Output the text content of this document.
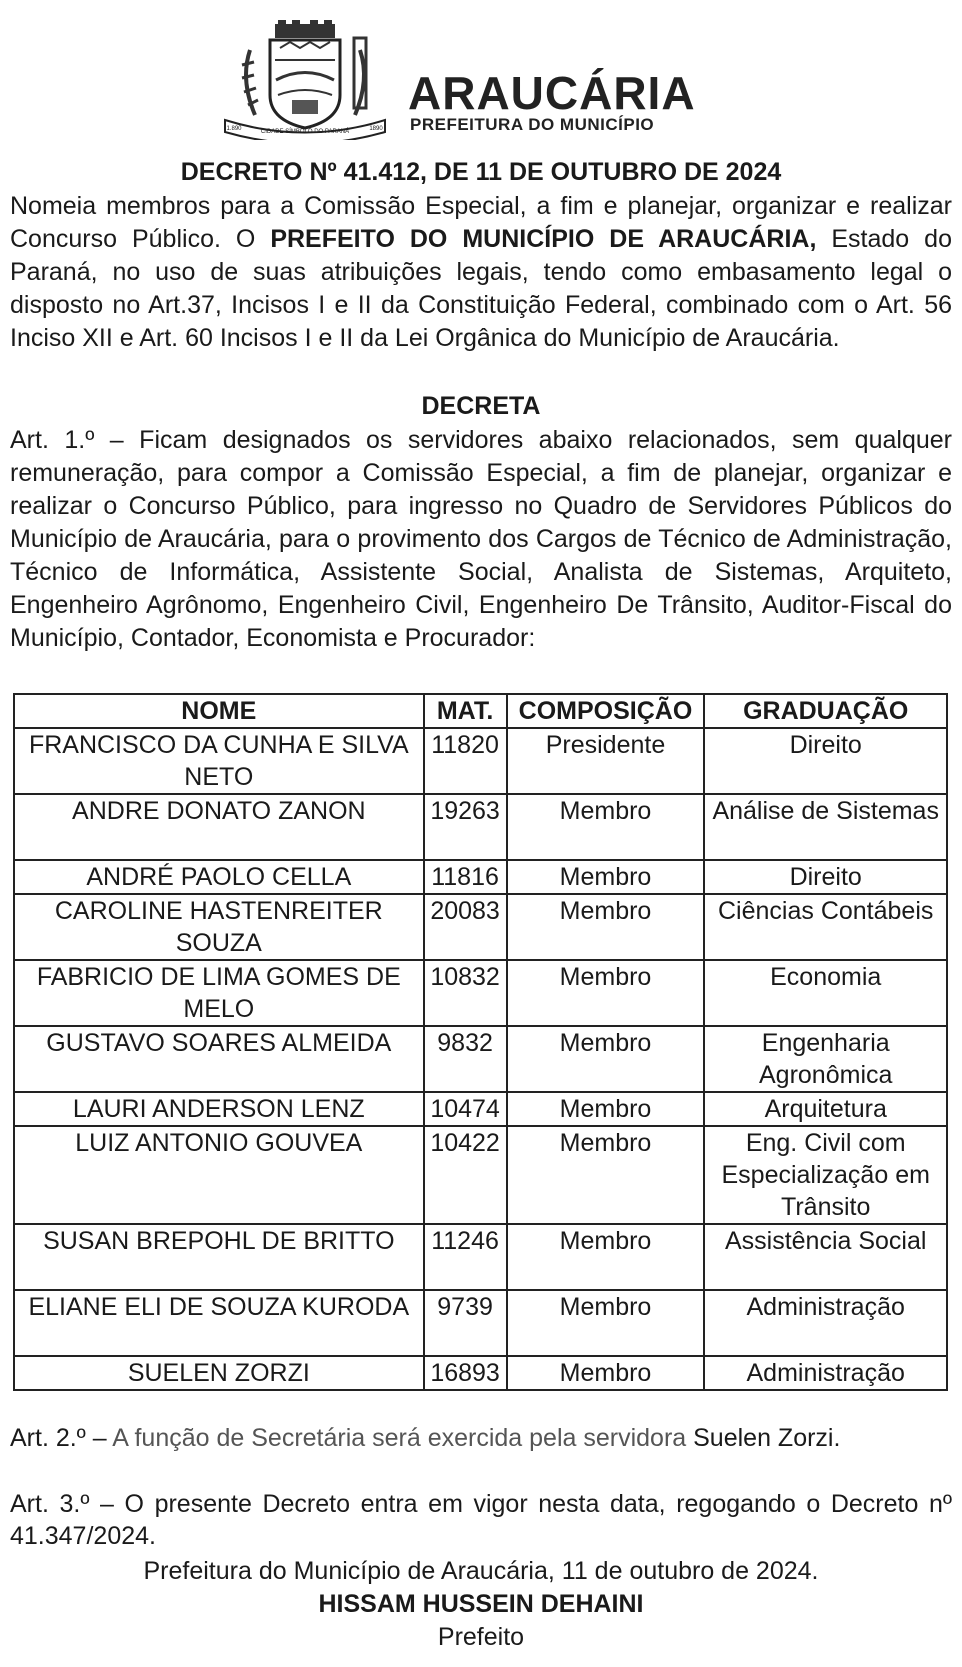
CIDADE SÍMBOLO DO PARANÁ
1.890	1890
ARAUCÁRIA
PREFEITURA DO MUNICÍPIO
DECRETO Nº 41.412, DE 11 DE OUTUBRO DE 2024
Nomeia membros para a Comissão Especial, a fim e planejar, organizar e realizar Concurso Público. O PREFEITO DO MUNICÍPIO DE ARAUCÁRIA, Estado do Paraná, no uso de suas atribuições legais, tendo como embasamento legal o disposto no Art.37, Incisos I e II da Constituição Federal, combinado com o Art. 56 Inciso XII e Art. 60 Incisos I e II da Lei Orgânica do Município de Araucária.
DECRETA
Art. 1.º – Ficam designados os servidores abaixo relacionados, sem qualquer remuneração, para compor a Comissão Especial, a fim de planejar, organizar e realizar o Concurso Público, para ingresso no Quadro de Servidores Públicos do Município de Araucária, para o provimento dos Cargos de Técnico de Administração, Técnico de Informática, Assistente Social, Analista de Sistemas, Arquiteto, Engenheiro Agrônomo, Engenheiro Civil, Engenheiro De Trânsito, Auditor-Fiscal do Município, Contador, Economista e Procurador:
NOME	MAT.	COMPOSIÇÃO	GRADUAÇÃO
FRANCISCO DA CUNHA E SILVA NETO	11820	Presidente	Direito
ANDRE DONATO ZANON	19263	Membro	Análise de Sistemas
ANDRÉ PAOLO CELLA	11816	Membro	Direito
CAROLINE HASTENREITER SOUZA	20083	Membro	Ciências Contábeis
FABRICIO DE LIMA GOMES DE MELO	10832	Membro	Economia
GUSTAVO SOARES ALMEIDA	9832	Membro	Engenharia Agronômica
LAURI ANDERSON LENZ	10474	Membro	Arquitetura
LUIZ ANTONIO GOUVEA	10422	Membro	Eng. Civil com Especialização em Trânsito
SUSAN BREPOHL DE BRITTO	11246	Membro	Assistência Social
ELIANE ELI DE SOUZA KURODA	9739	Membro	Administração
SUELEN ZORZI	16893	Membro	Administração
Art. 2.º – A função de Secretária será exercida pela servidora Suelen Zorzi.
Art. 3.º – O presente Decreto entra em vigor nesta data, regogando o Decreto nº 41.347/2024.
Prefeitura do Município de Araucária, 11 de outubro de 2024.
HISSAM HUSSEIN DEHAINI
Prefeito
